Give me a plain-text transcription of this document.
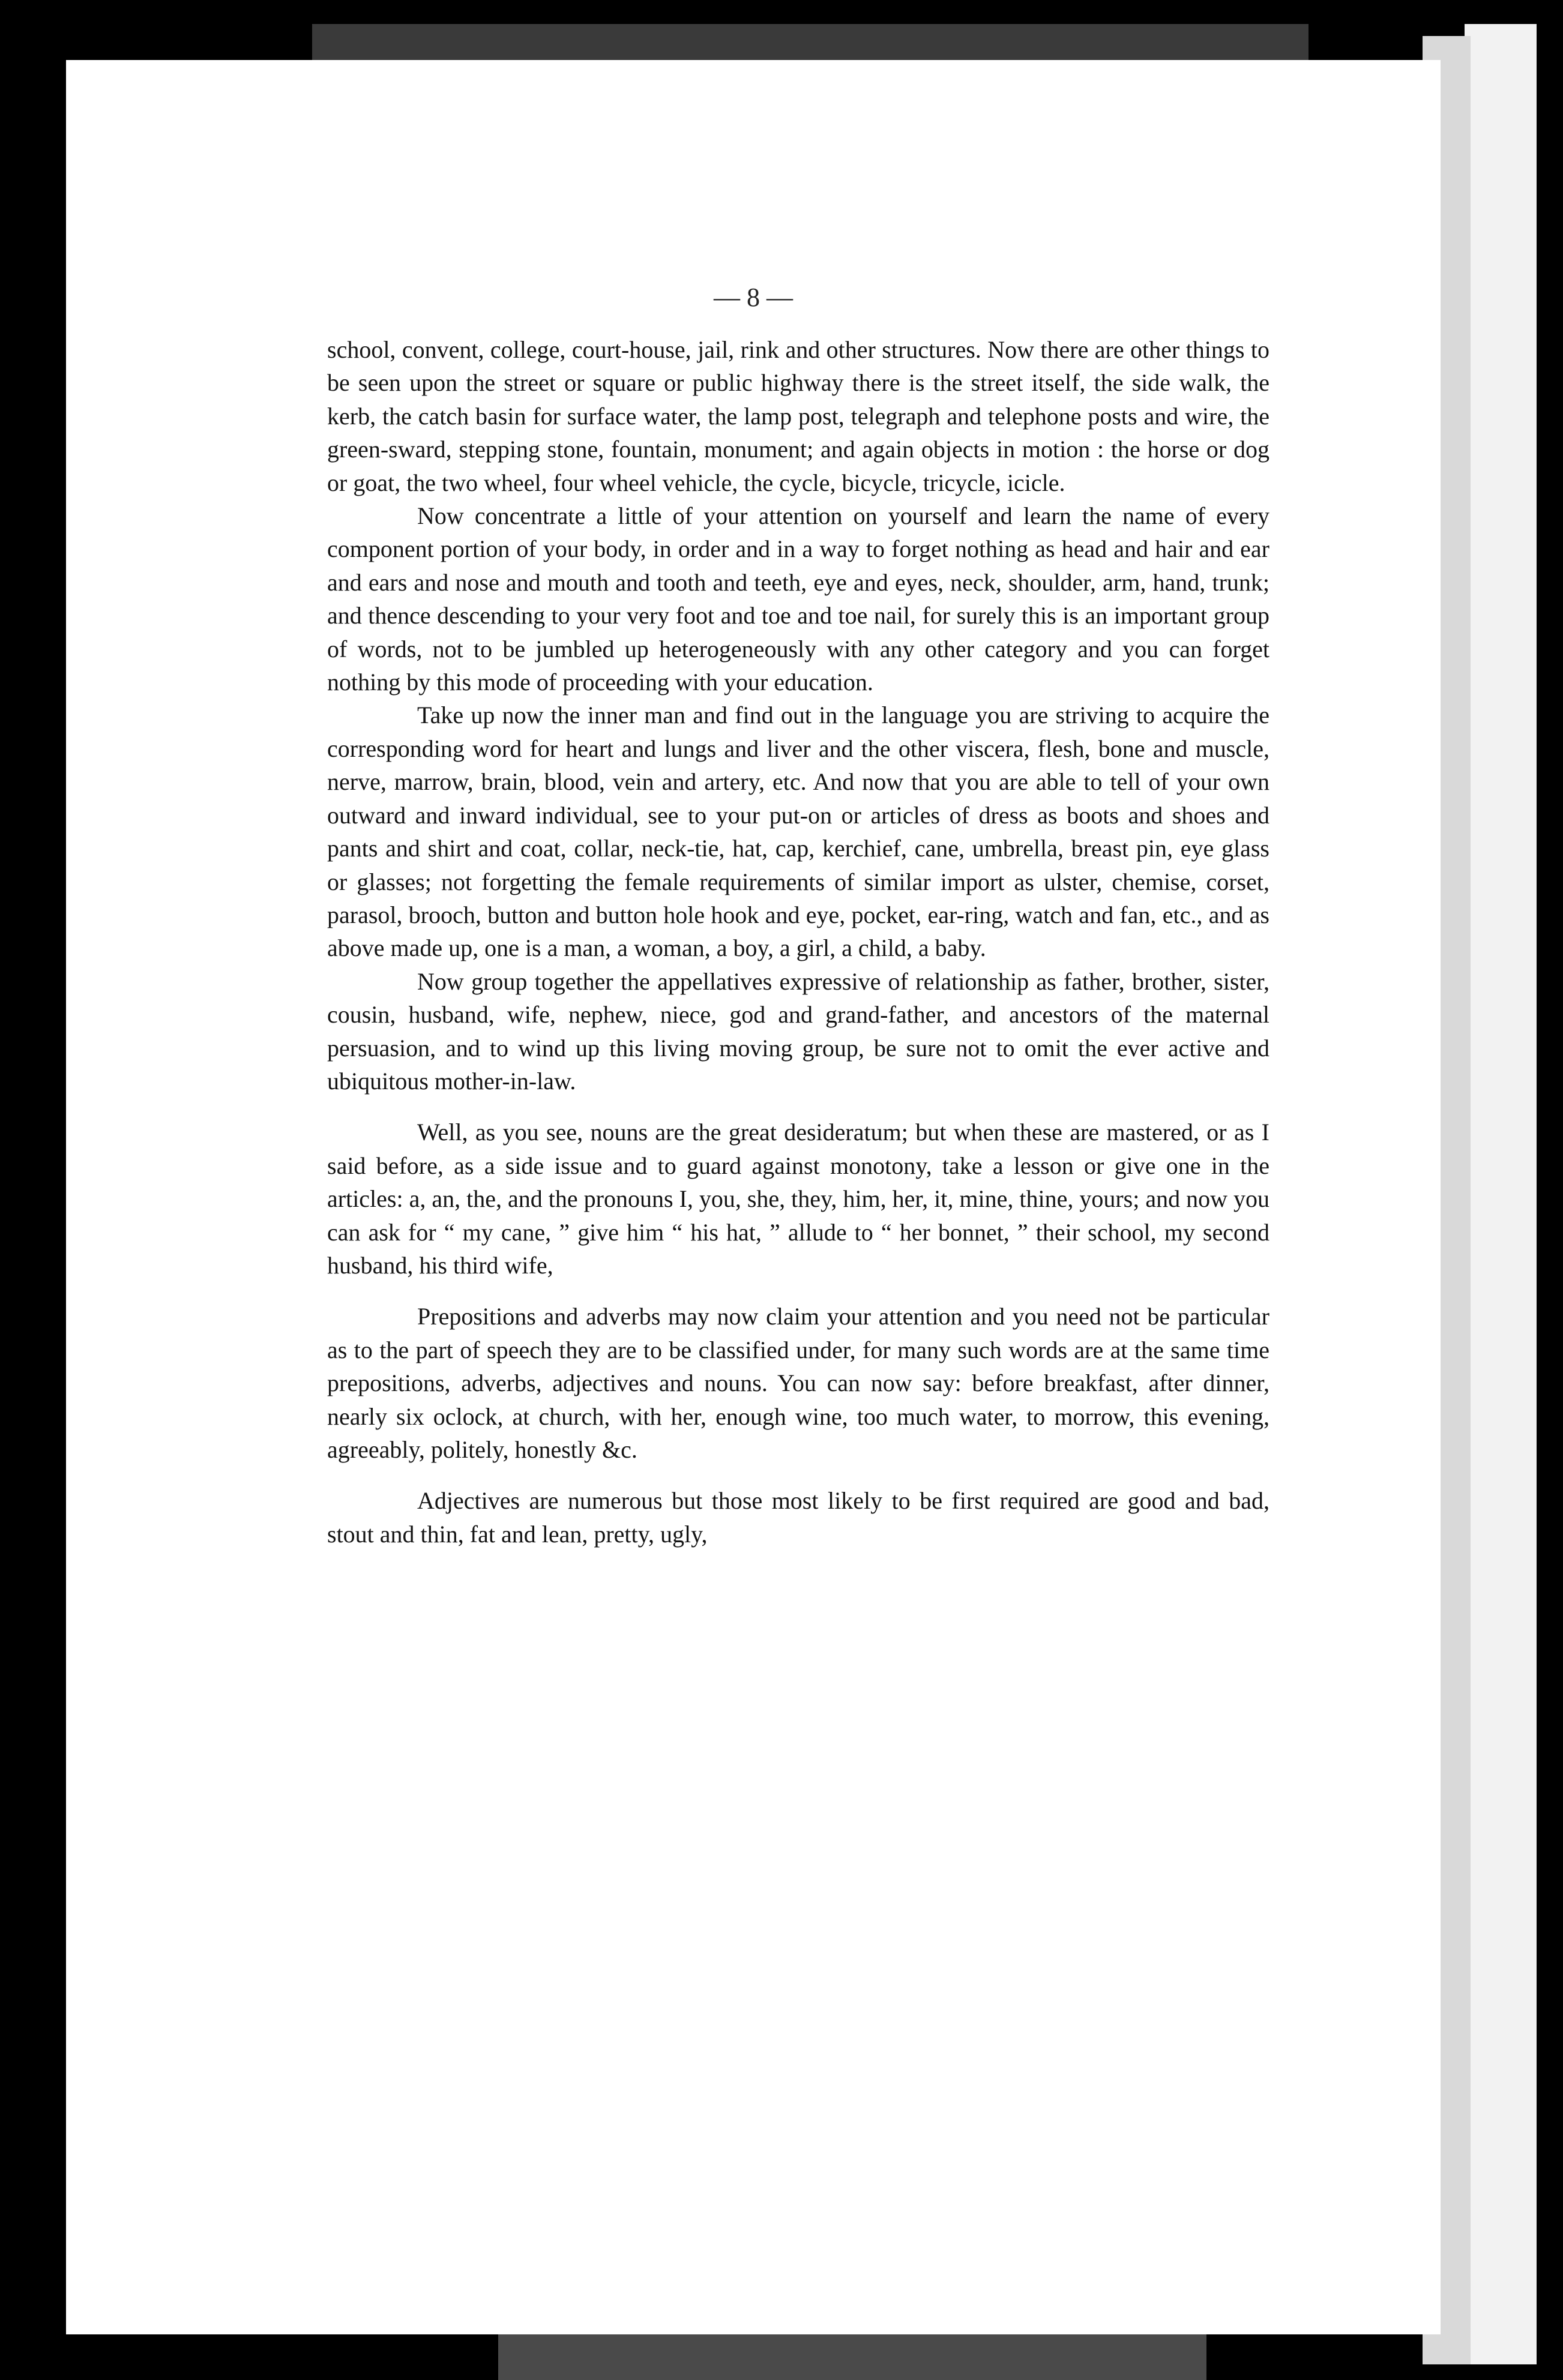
— 8 —

school, convent, college, court-house, jail, rink and other structures. Now there are other things to be seen upon the street or square or public highway there is the street itself, the side walk, the kerb, the catch basin for surface water, the lamp post, telegraph and telephone posts and wire, the green-sward, stepping stone, fountain, monument; and again objects in motion : the horse or dog or goat, the two wheel, four wheel vehicle, the cycle, bicycle, tricycle, icicle.

Now concentrate a little of your attention on yourself and learn the name of every component portion of your body, in order and in a way to forget nothing as head and hair and ear and ears and nose and mouth and tooth and teeth, eye and eyes, neck, shoulder, arm, hand, trunk; and thence descending to your very foot and toe and toe nail, for surely this is an important group of words, not to be jumbled up heterogeneously with any other category and you can forget nothing by this mode of proceeding with your education.

Take up now the inner man and find out in the language you are striving to acquire the corresponding word for heart and lungs and liver and the other viscera, flesh, bone and muscle, nerve, marrow, brain, blood, vein and artery, etc. And now that you are able to tell of your own outward and inward individual, see to your put-on or articles of dress as boots and shoes and pants and shirt and coat, collar, neck-tie, hat, cap, kerchief, cane, umbrella, breast pin, eye glass or glasses; not forgetting the female requirements of similar import as ulster, chemise, corset, parasol, brooch, button and button hole hook and eye, pocket, ear-ring, watch and fan, etc., and as above made up, one is a man, a woman, a boy, a girl, a child, a baby.

Now group together the appellatives expressive of relationship as father, brother, sister, cousin, husband, wife, nephew, niece, god and grand-father, and ancestors of the maternal persuasion, and to wind up this living moving group, be sure not to omit the ever active and ubiquitous mother-in-law.

Well, as you see, nouns are the great desideratum; but when these are mastered, or as I said before, as a side issue and to guard against monotony, take a lesson or give one in the articles: a, an, the, and the pronouns I, you, she, they, him, her, it, mine, thine, yours; and now you can ask for “ my cane, ” give him “ his hat, ” allude to “ her bonnet, ” their school, my second husband, his third wife,

Prepositions and adverbs may now claim your attention and you need not be particular as to the part of speech they are to be classified under, for many such words are at the same time prepositions, adverbs, adjectives and nouns. You can now say: before breakfast, after dinner, nearly six oclock, at church, with her, enough wine, too much water, to morrow, this evening, agreeably, politely, honestly &c.

Adjectives are numerous but those most likely to be first required are good and bad, stout and thin, fat and lean, pretty, ugly,
